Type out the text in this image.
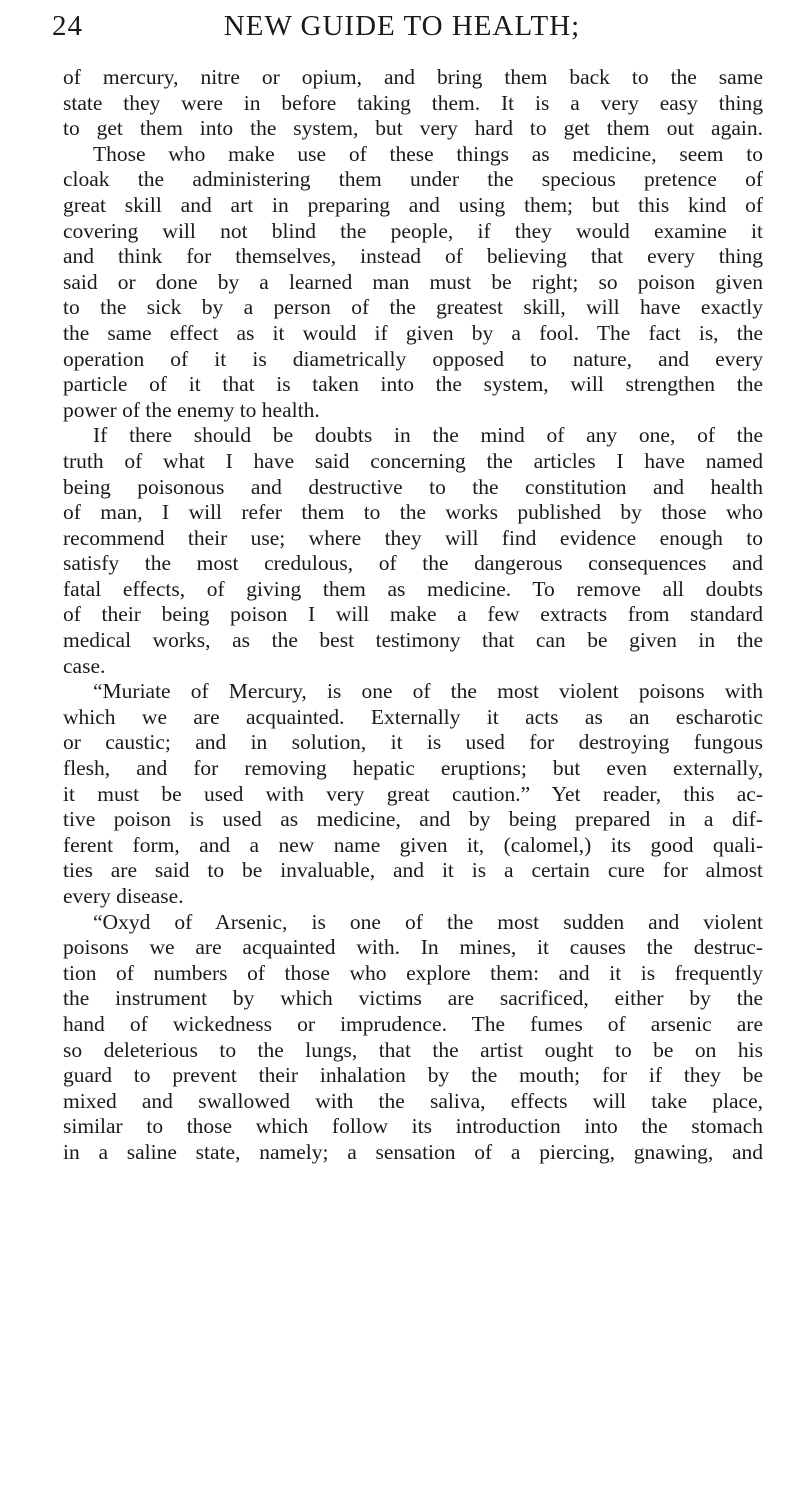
24	NEW GUIDE TO HEALTH;
of mercury, nitre or opium, and bring them back to the same
state they were in before taking them. It is a very easy thing
to get them into the system, but very hard to get them out again.
Those who make use of these things as medicine, seem to
cloak the administering them under the specious pretence of
great skill and art in preparing and using them; but this kind of
covering will not blind the people, if they would examine it
and think for themselves, instead of believing that every thing
said or done by a learned man must be right; so poison given
to the sick by a person of the greatest skill, will have exactly
the same effect as it would if given by a fool. The fact is, the
operation of it is diametrically opposed to nature, and every
particle of it that is taken into the system, will strengthen the
power of the enemy to health.
If there should be doubts in the mind of any one, of the
truth of what I have said concerning the articles I have named
being poisonous and destructive to the constitution and health
of man, I will refer them to the works published by those who
recommend their use; where they will find evidence enough to
satisfy the most credulous, of the dangerous consequences and
fatal effects, of giving them as medicine. To remove all doubts
of their being poison I will make a few extracts from standard
medical works, as the best testimony that can be given in the
case.
“Muriate of Mercury, is one of the most violent poisons with
which we are acquainted. Externally it acts as an escharotic
or caustic; and in solution, it is used for destroying fungous
flesh, and for removing hepatic eruptions; but even externally,
it must be used with very great caution.” Yet reader, this ac-
tive poison is used as medicine, and by being prepared in a dif-
ferent form, and a new name given it, (calomel,) its good quali-
ties are said to be invaluable, and it is a certain cure for almost
every disease.
“Oxyd of Arsenic, is one of the most sudden and violent
poisons we are acquainted with. In mines, it causes the destruc-
tion of numbers of those who explore them: and it is frequently
the instrument by which victims are sacrificed, either by the
hand of wickedness or imprudence. The fumes of arsenic are
so deleterious to the lungs, that the artist ought to be on his
guard to prevent their inhalation by the mouth; for if they be
mixed and swallowed with the saliva, effects will take place,
similar to those which follow its introduction into the stomach
in a saline state, namely; a sensation of a piercing, gnawing, and
